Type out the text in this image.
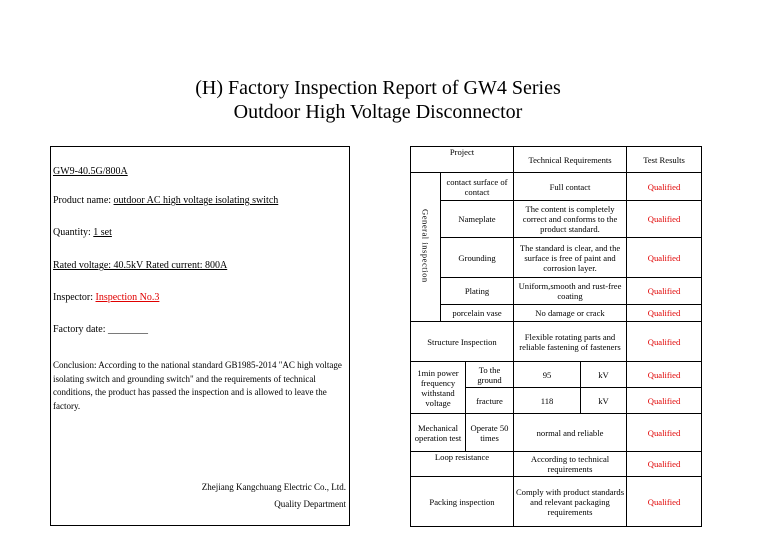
(H) Factory Inspection Report of GW4 Series
Outdoor High Voltage Disconnector
GW9-40.5G/800A
Product name: outdoor AC high voltage isolating switch
Quantity: 1 set
Rated voltage: 40.5kV Rated current: 800A
Inspector: Inspection No.3
Factory date: ________
Conclusion: According to the national standard GB1985-2014 "AC high voltage isolating switch and grounding switch" and the requirements of technical conditions, the product has passed the inspection and is allowed to leave the factory.
Zhejiang Kangchuang Electric Co., Ltd.
Quality Department
Project			Technical Requirements		Test Results
General inspection	contact surface of contact		Full contact		Qualified
	Nameplate		The content is completely correct and conforms to the product standard.		Qualified
	Grounding		The standard is clear, and the surface is free of paint and corrosion layer.		Qualified
	Plating		Uniform,smooth and rust-free coating		Qualified
	porcelain vase		No damage or crack		Qualified
Structure Inspection			Flexible rotating parts and reliable fastening of fasteners		Qualified
1min power frequency withstand voltage		To the ground	95	kV	Qualified
		fracture	118	kV	Qualified
Mechanical operation test		Operate 50 times	normal and reliable		Qualified
Loop resistance			According to technical requirements		Qualified
Packing inspection			Comply with product standards and relevant packaging requirements		Qualified
